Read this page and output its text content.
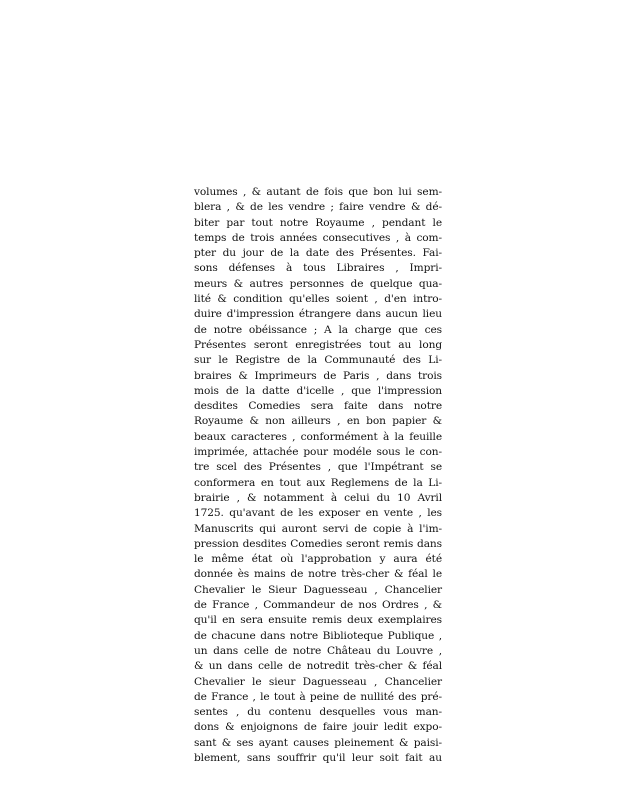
volumes , & autant de fois que bon lui sem-
blera , & de les vendre ; faire vendre & dé-
biter par tout notre Royaume , pendant le
temps de trois années consecutives , à com-
pter du jour de la date des Présentes. Fai-
sons défenses à tous Libraires , Impri-
meurs & autres personnes de quelque qua-
lité & condition qu'elles soient , d'en intro-
duire d'impression étrangere dans aucun lieu
de notre obéissance ; A la charge que ces
Présentes seront enregistrées tout au long
sur le Registre de la Communauté des Li-
braires & Imprimeurs de Paris , dans trois
mois de la datte d'icelle , que l'impression
desdites Comedies sera faite dans notre
Royaume & non ailleurs , en bon papier &
beaux caracteres , conformément à la feuille
imprimée, attachée pour modéle sous le con-
tre scel des Présentes , que l'Impétrant se
conformera en tout aux Reglemens de la Li-
brairie , & notamment à celui du 10 Avril
1725. qu'avant de les exposer en vente , les
Manuscrits qui auront servi de copie à l'im-
pression desdites Comedies seront remis dans
le même état où l'approbation y aura été
donnée ès mains de notre très-cher & féal le
Chevalier le Sieur Daguesseau , Chancelier
de France , Commandeur de nos Ordres , &
qu'il en sera ensuite remis deux exemplaires
de chacune dans notre Biblioteque Publique ,
un dans celle de notre Château du Louvre ,
& un dans celle de notredit très-cher & féal
Chevalier le sieur Daguesseau , Chancelier
de France , le tout à peine de nullité des pré-
sentes , du contenu desquelles vous man-
dons & enjoignons de faire jouir ledit expo-
sant & ses ayant causes pleinement & paisi-
blement, sans souffrir qu'il leur soit fait au
